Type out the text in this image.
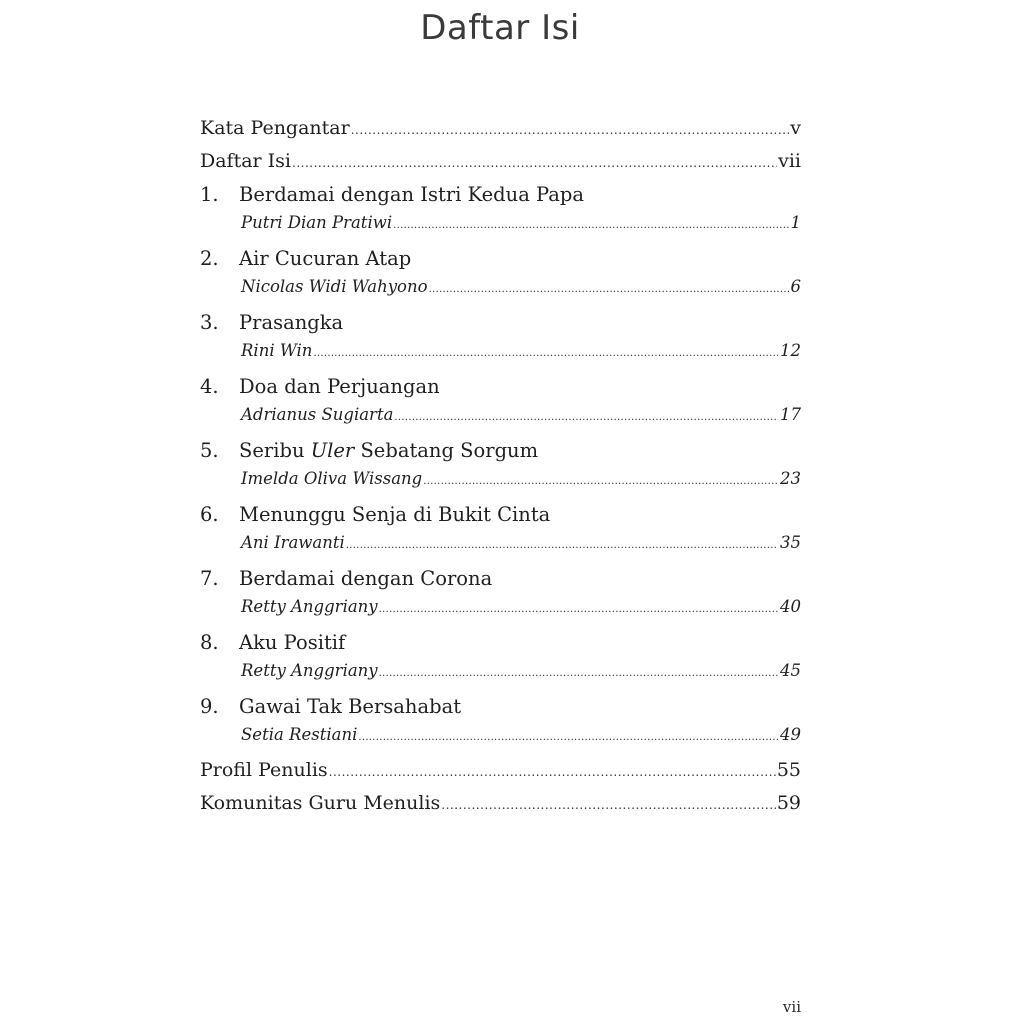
Daftar Isi
Kata Pengantar .....	v
Daftar Isi .....	vii
1.	Berdamai dengan Istri Kedua Papa
Putri Dian Pratiwi .....	1
2.	Air Cucuran Atap
Nicolas Widi Wahyono .....	6
3.	Prasangka
Rini Win .....	12
4.	Doa dan Perjuangan
Adrianus Sugiarta .....	17
5.	Seribu Uler Sebatang Sorgum
Imelda Oliva Wissang .....	23
6.	Menunggu Senja di Bukit Cinta
Ani Irawanti .....	35
7.	Berdamai dengan Corona
Retty Anggriany .....	40
8.	Aku Positif
Retty Anggriany .....	45
9.	Gawai Tak Bersahabat
Setia Restiani .....	49
Profil Penulis .....	55
Komunitas Guru Menulis .....	59
vii
